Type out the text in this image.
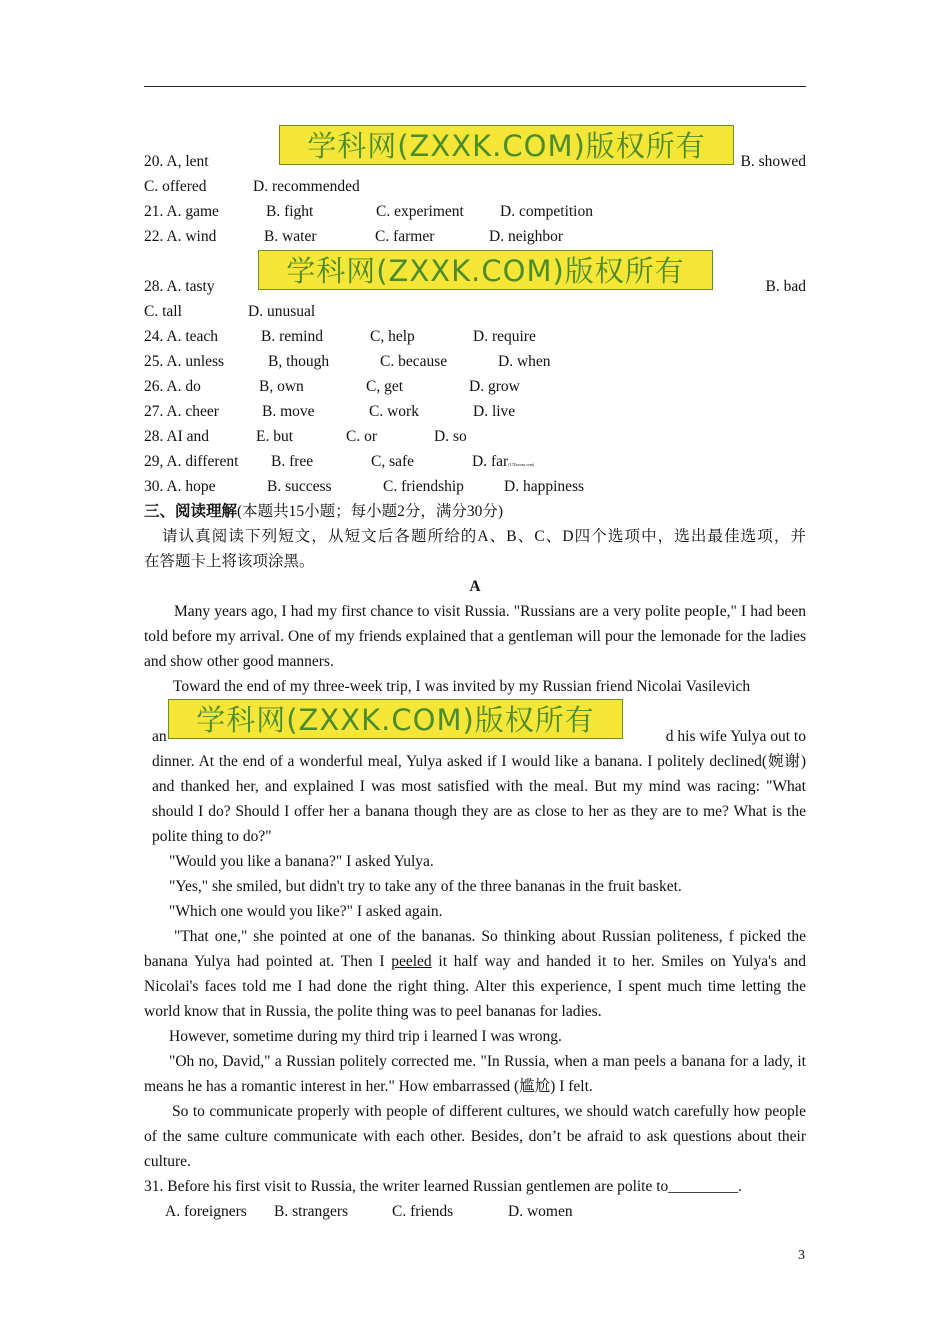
20. A, lent	B. showed
学科网(ZXXK.COM)版权所有
C. offered	D. recommended
21. A. game	B. fight	C. experiment D. competition
22. A. wind	B. water	C. farmer	D. neighbor
28. A. tasty	B. bad
学科网(ZXXK.COM)版权所有
C. tall	D. unusual
24. A. teach	B. remind	C, help	D. require
25. A. unless	B, though	C. because	D. when
26. A. do	B, own	C, get	D. grow
27. A. cheer	B. move	C. work	D. live
28. AI and	E. but	C. or	D. so
29, A. different B. free	C, safe	D. far(17Eaxom.com)
30. A. hope	B. success	C. friendship	D. happiness
三、阅读理解(本题共15小题；每小题2分，满分30分)
请认真阅读下列短文，从短文后各题所给的A、B、C、D四个选项中，选出最佳选项，并
在答题卡上将该项涂黑。
A
Many years ago, I had my first chance to visit Russia. "Russians are a very polite peopIe," I had been told before my arrival. One of my friends explained that a gentleman will pour the lemonade for the ladies and show other good manners.
Toward the end of my three-week trip, I was invited by my Russian friend Nicolai Vasilevich
an	d his wife Yulya out to
学科网(ZXXK.COM)版权所有
dinner. At the end of a wonderful meal, Yulya asked if I would like a banana. I politely declined(婉谢) and thanked her, and explained I was most satisfied with the meal. But my mind was racing: "What should I do? Should I offer her a banana though they are as close to her as they are to me? What is the polite thing to do?"
"Would you like a banana?" I asked Yulya.
"Yes," she smiled, but didn't try to take any of the three bananas in the fruit basket.
"Which one would you like?" I asked again.
"That one," she pointed at one of the bananas. So thinking about Russian politeness, f picked the banana Yulya had pointed at. Then I peeled it half way and handed it to her. Smiles on Yulya's and Nicolai's faces told me I had done the right thing. Alter this experience, I spent much time letting the world know that in Russia, the polite thing was to peel bananas for ladies.
However, sometime during my third trip i learned I was wrong.
"Oh no, David," a Russian politely corrected me. "In Russia, when a man peels a banana for a lady, it means he has a romantic interest in her." How embarrassed (尴尬) I felt.
So to communicate properly with people of different cultures, we should watch carefully how people of the same culture communicate with each other. Besides, don’t be afraid to ask questions about their culture.
31. Before his first visit to Russia, the writer learned Russian gentlemen are polite to_________.
A. foreigners B. strangers	C. friends	D. women
3
